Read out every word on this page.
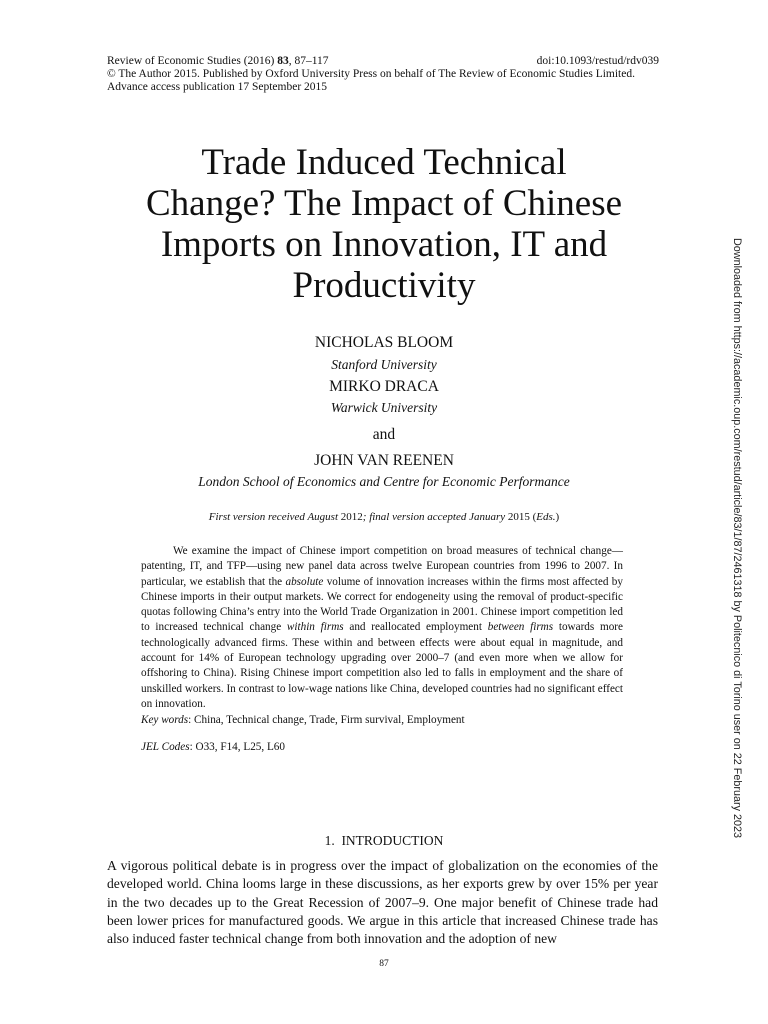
Review of Economic Studies (2016) 83, 87–117	doi:10.1093/restud/rdv039
© The Author 2015. Published by Oxford University Press on behalf of The Review of Economic Studies Limited.
Advance access publication 17 September 2015
Trade Induced Technical
Change? The Impact of Chinese
Imports on Innovation, IT and
Productivity
NICHOLAS BLOOM
Stanford University
MIRKO DRACA
Warwick University
and
JOHN VAN REENEN
London School of Economics and Centre for Economic Performance
First version received August 2012; final version accepted January 2015 (Eds.)

We examine the impact of Chinese import competition on broad measures of technical change—patenting, IT, and TFP—using new panel data across twelve European countries from 1996 to 2007. In particular, we establish that the absolute volume of innovation increases within the firms most affected by Chinese imports in their output markets. We correct for endogeneity using the removal of product-specific quotas following China’s entry into the World Trade Organization in 2001. Chinese import competition led to increased technical change within firms and reallocated employment between firms towards more technologically advanced firms. These within and between effects were about equal in magnitude, and account for 14% of European technology upgrading over 2000–7 (and even more when we allow for offshoring to China). Rising Chinese import competition also led to falls in employment and the share of unskilled workers. In contrast to low-wage nations like China, developed countries had no significant effect on innovation.

Key words: China, Technical change, Trade, Firm survival, Employment
JEL Codes: O33, F14, L25, L60
1. INTRODUCTION

A vigorous political debate is in progress over the impact of globalization on the economies of the developed world. China looms large in these discussions, as her exports grew by over 15% per year in the two decades up to the Great Recession of 2007–9. One major benefit of Chinese trade had been lower prices for manufactured goods. We argue in this article that increased Chinese trade has also induced faster technical change from both innovation and the adoption of new

87
Downloaded from https://academic.oup.com/restud/article/83/1/87/2461318 by Politecnico di Torino user on 22 February 2023
